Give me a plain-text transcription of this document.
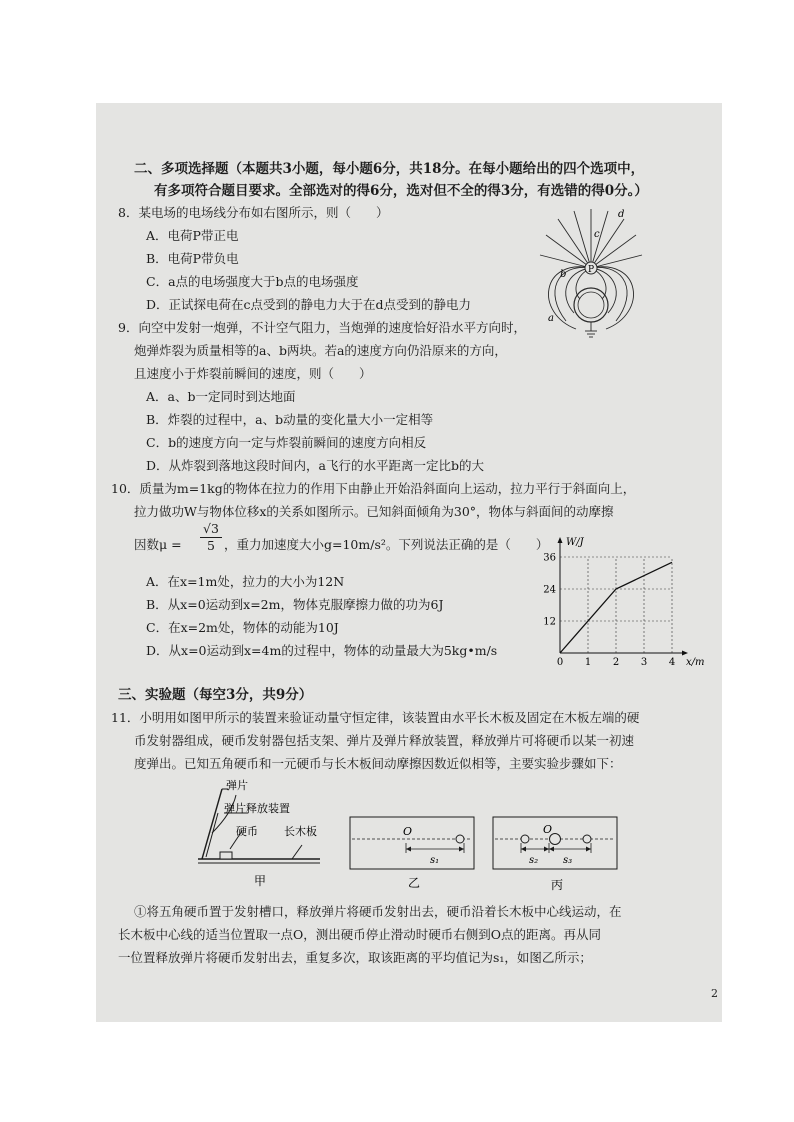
二、多项选择题（本题共3小题，每小题6分，共18分。在每小题给出的四个选项中，
有多项符合题目要求。全部选对的得6分，选对但不全的得3分，有选错的得0分。）
8．某电场的电场线分布如右图所示，则（　　）
A．电荷P带正电
B．电荷P带负电
C．a点的电场强度大于b点的电场强度
D．正试探电荷在c点受到的静电力大于在d点受到的静电力
P
d
c
b
a
9．向空中发射一炮弹，不计空气阻力，当炮弹的速度恰好沿水平方向时，
炮弹炸裂为质量相等的a、b两块。若a的速度方向仍沿原来的方向，
且速度小于炸裂前瞬间的速度，则（　　）
A．a、b一定同时到达地面
B．炸裂的过程中，a、b动量的变化量大小一定相等
C．b的速度方向一定与炸裂前瞬间的速度方向相反
D．从炸裂到落地这段时间内，a飞行的水平距离一定比b的大
10．质量为m=1kg的物体在拉力的作用下由静止开始沿斜面向上运动，拉力平行于斜面向上，
拉力做功W与物体位移x的关系如图所示。已知斜面倾角为30°，物体与斜面间的动摩擦
因数μ =
√3
5 ，重力加速度大小g=10m/s²。下列说法正确的是（　　）
A．在x=1m处，拉力的大小为12N
B．从x=0运动到x=2m，物体克服摩擦力做的功为6J
C．在x=2m处，物体的动能为10J
D．从x=0运动到x=4m的过程中，物体的动量最大为5kg•m/s
0 1 2 3 4
12
24
36
W/J
x/m
三、实验题（每空3分，共9分）
11．小明用如图甲所示的装置来验证动量守恒定律，该装置由水平长木板及固定在木板左端的硬
币发射器组成，硬币发射器包括支架、弹片及弹片释放装置，释放弹片可将硬币以某一初速
度弹出。已知五角硬币和一元硬币与长木板间动摩擦因数近似相等，主要实验步骤如下：
弹片
弹片释放装置
硬币 长木板
甲
O
s₁
乙
O
s₂ s₃
丙
①将五角硬币置于发射槽口，释放弹片将硬币发射出去，硬币沿着长木板中心线运动，在
长木板中心线的适当位置取一点O，测出硬币停止滑动时硬币右侧到O点的距离。再从同
一位置释放弹片将硬币发射出去，重复多次，取该距离的平均值记为s₁，如图乙所示；
2
